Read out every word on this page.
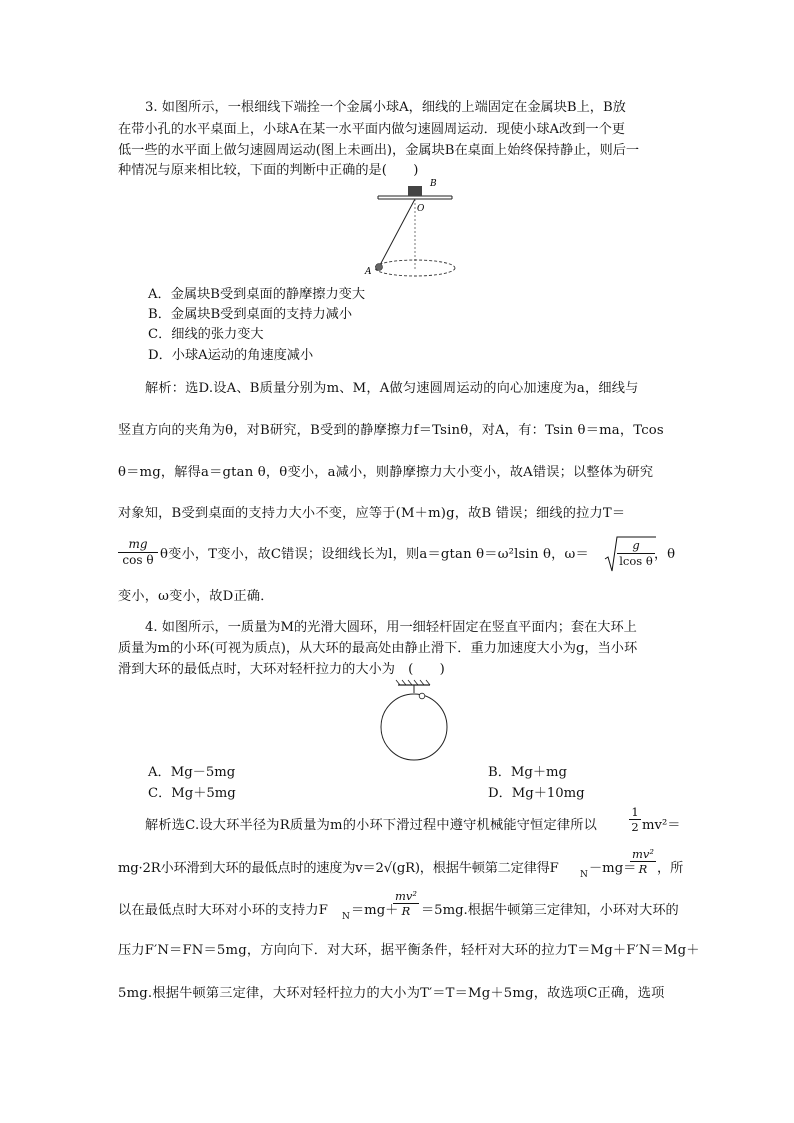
3. 如图所示，一根细线下端拴一个金属小球A，细线的上端固定在金属块B上，B放
在带小孔的水平桌面上，小球A在某一水平面内做匀速圆周运动．现使小球A改到一个更
低一些的水平面上做匀速圆周运动(图上未画出)，金属块B在桌面上始终保持静止，则后一
种情况与原来相比较，下面的判断中正确的是(　　)
B
O
A
A．金属块B受到桌面的静摩擦力变大
B．金属块B受到桌面的支持力减小
C．细线的张力变大
D．小球A运动的角速度减小
解析：选D.设A、B质量分别为m、M，A做匀速圆周运动的向心加速度为a，细线与
竖直方向的夹角为θ，对B研究，B受到的静摩擦力f＝Tsinθ，对A，有：Tsin θ＝ma，Tcos
θ＝mg，解得a＝gtan θ，θ变小，a减小，则静摩擦力大小变小，故A错误；以整体为研究
对象知，B受到桌面的支持力大小不变，应等于(M＋m)g，故B 错误；细线的拉力T＝
$\frac{mg}{\text{cos θ}}$ θ变小，T变小，故C错误；设细线长为l，则a＝gtan θ＝ω²lsin θ，$\omega= \frac{g}{\text{lcos θ}}$ ，θ
变小，ω变小，故D正确．
4. 如图所示，一质量为M的光滑大圆环，用一细轻杆固定在竖直平面内；套在大环上
质量为m的小环(可视为质点)，从大环的最高处由静止滑下．重力加速度大小为g，当小环
滑到大环的最低点时，大环对轻杆拉力的大小为　(　　)
A．Mg－5mg	B．Mg＋mg
C．Mg＋5mg	D．Mg＋10mg
解析选C.设大环半径为R质量为m的小环下滑过程中遵守机械能守恒定律所以	$\frac{1}{2} mv^2=$
mg·2R小环滑到大环的最低点时的速度为v＝2√(gR)，根据牛顿第二定律得F N －mg＝
$\frac{\text{mv²}}{R}$ ，所
以在最低点时大环对小环的支持力F N ＝mg＋
$\frac{\text{mv²}}{R} =5mg$.根据牛顿第三定律知，小环对大环的
压力F′N＝FN＝5mg，方向向下．对大环，据平衡条件，轻杆对大环的拉力T＝Mg＋F′N＝Mg＋
5mg.根据牛顿第三定律，大环对轻杆拉力的大小为T′＝T＝Mg＋5mg，故选项C正确，选项
